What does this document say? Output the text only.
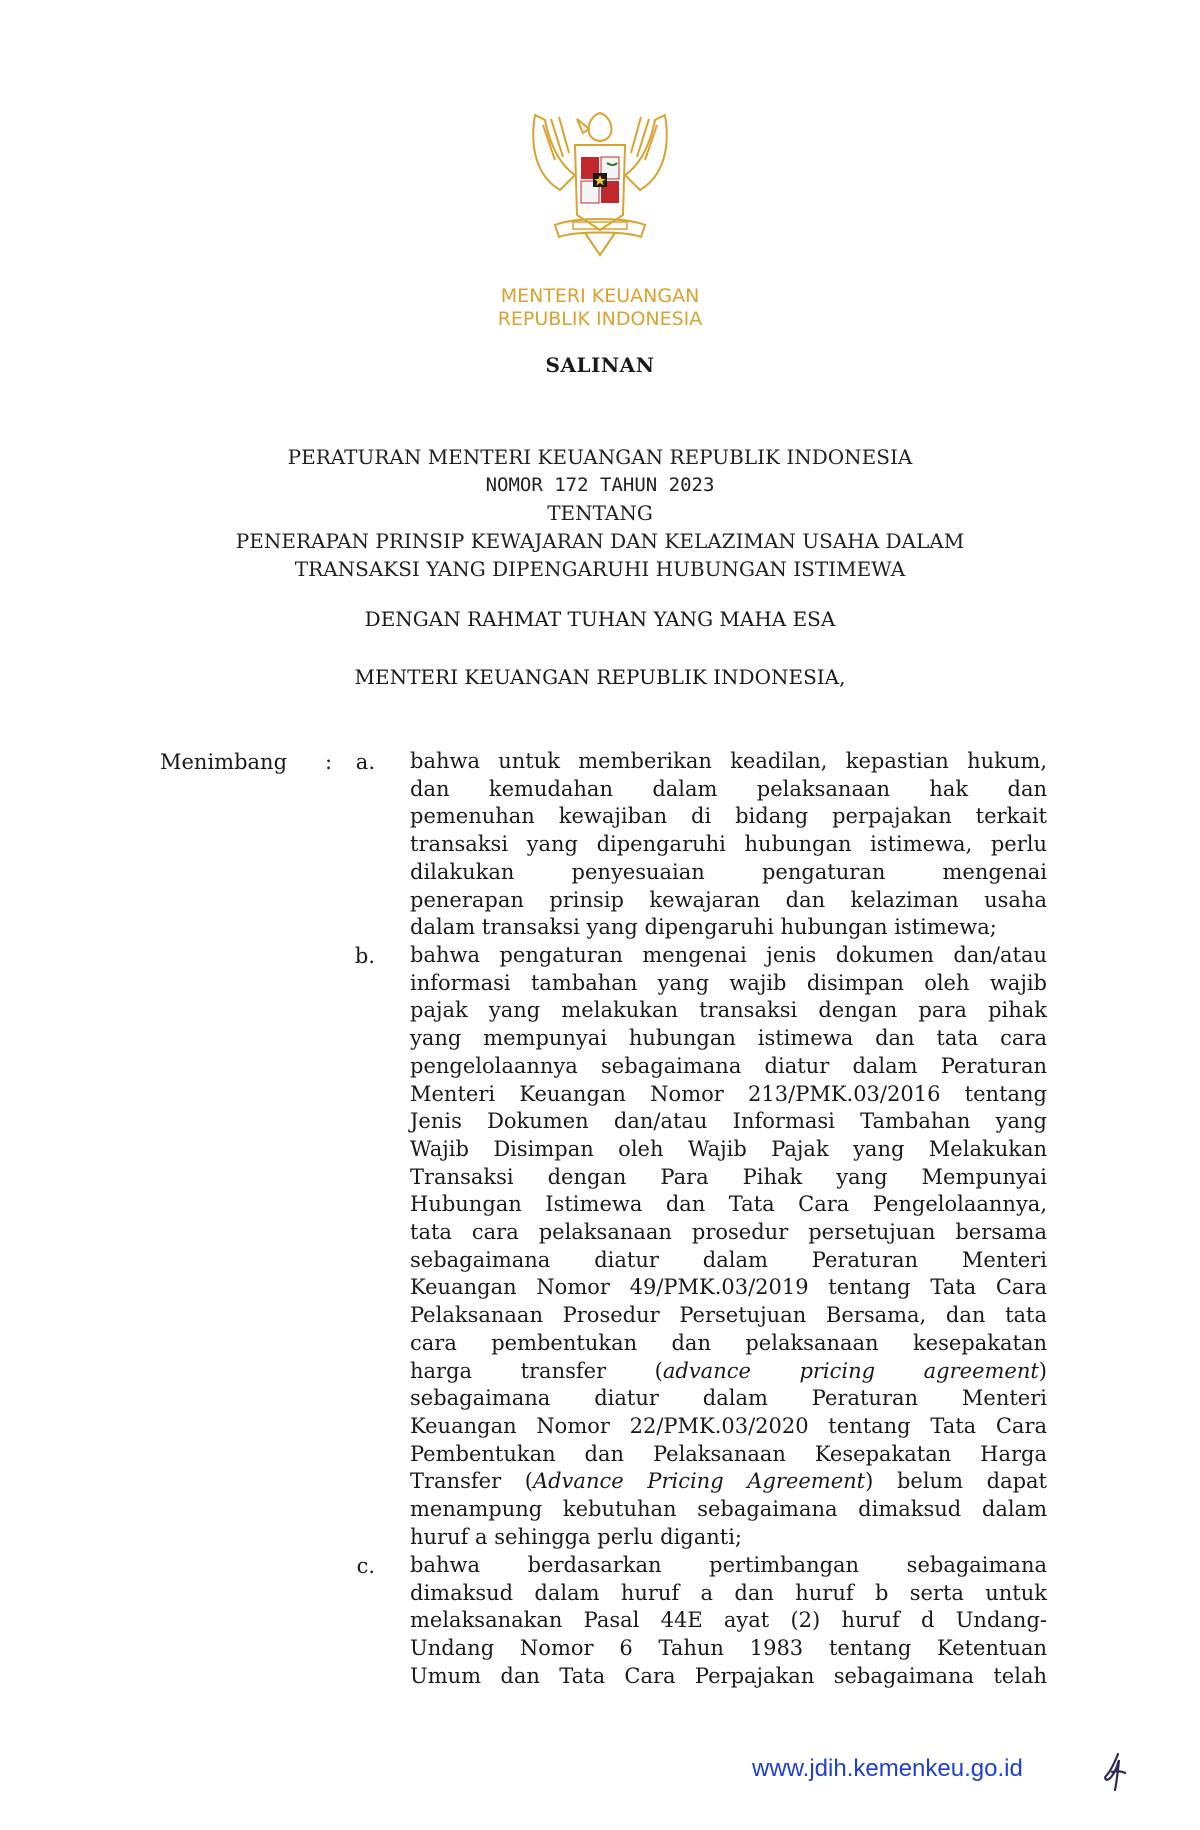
MENTERI KEUANGAN
REPUBLIK INDONESIA
SALINAN
PERATURAN MENTERI KEUANGAN REPUBLIK INDONESIA
NOMOR 172 TAHUN 2023
TENTANG
PENERAPAN PRINSIP KEWAJARAN DAN KELAZIMAN USAHA DALAM
TRANSAKSI YANG DIPENGARUHI HUBUNGAN ISTIMEWA
DENGAN RAHMAT TUHAN YANG MAHA ESA
MENTERI KEUANGAN REPUBLIK INDONESIA,
Menimbang :	a. bahwa untuk memberikan keadilan, kepastian hukum,
dan kemudahan dalam pelaksanaan hak dan
pemenuhan kewajiban di bidang perpajakan terkait
transaksi yang dipengaruhi hubungan istimewa, perlu
dilakukan penyesuaian pengaturan mengenai
penerapan prinsip kewajaran dan kelaziman usaha
dalam transaksi yang dipengaruhi hubungan istimewa;
b. bahwa pengaturan mengenai jenis dokumen dan/atau
informasi tambahan yang wajib disimpan oleh wajib
pajak yang melakukan transaksi dengan para pihak
yang mempunyai hubungan istimewa dan tata cara
pengelolaannya sebagaimana diatur dalam Peraturan
Menteri Keuangan Nomor 213/PMK.03/2016 tentang
Jenis Dokumen dan/atau Informasi Tambahan yang
Wajib Disimpan oleh Wajib Pajak yang Melakukan
Transaksi dengan Para Pihak yang Mempunyai
Hubungan Istimewa dan Tata Cara Pengelolaannya,
tata cara pelaksanaan prosedur persetujuan bersama
sebagaimana diatur dalam Peraturan Menteri
Keuangan Nomor 49/PMK.03/2019 tentang Tata Cara
Pelaksanaan Prosedur Persetujuan Bersama, dan tata
cara pembentukan dan pelaksanaan kesepakatan
harga transfer (advance pricing agreement)
sebagaimana diatur dalam Peraturan Menteri
Keuangan Nomor 22/PMK.03/2020 tentang Tata Cara
Pembentukan dan Pelaksanaan Kesepakatan Harga
Transfer (Advance Pricing Agreement) belum dapat
menampung kebutuhan sebagaimana dimaksud dalam
huruf a sehingga perlu diganti;
c. bahwa berdasarkan pertimbangan sebagaimana
dimaksud dalam huruf a dan huruf b serta untuk
melaksanakan Pasal 44E ayat (2) huruf d Undang-
Undang Nomor 6 Tahun 1983 tentang Ketentuan
Umum dan Tata Cara Perpajakan sebagaimana telah
www.jdih.kemenkeu.go.id
